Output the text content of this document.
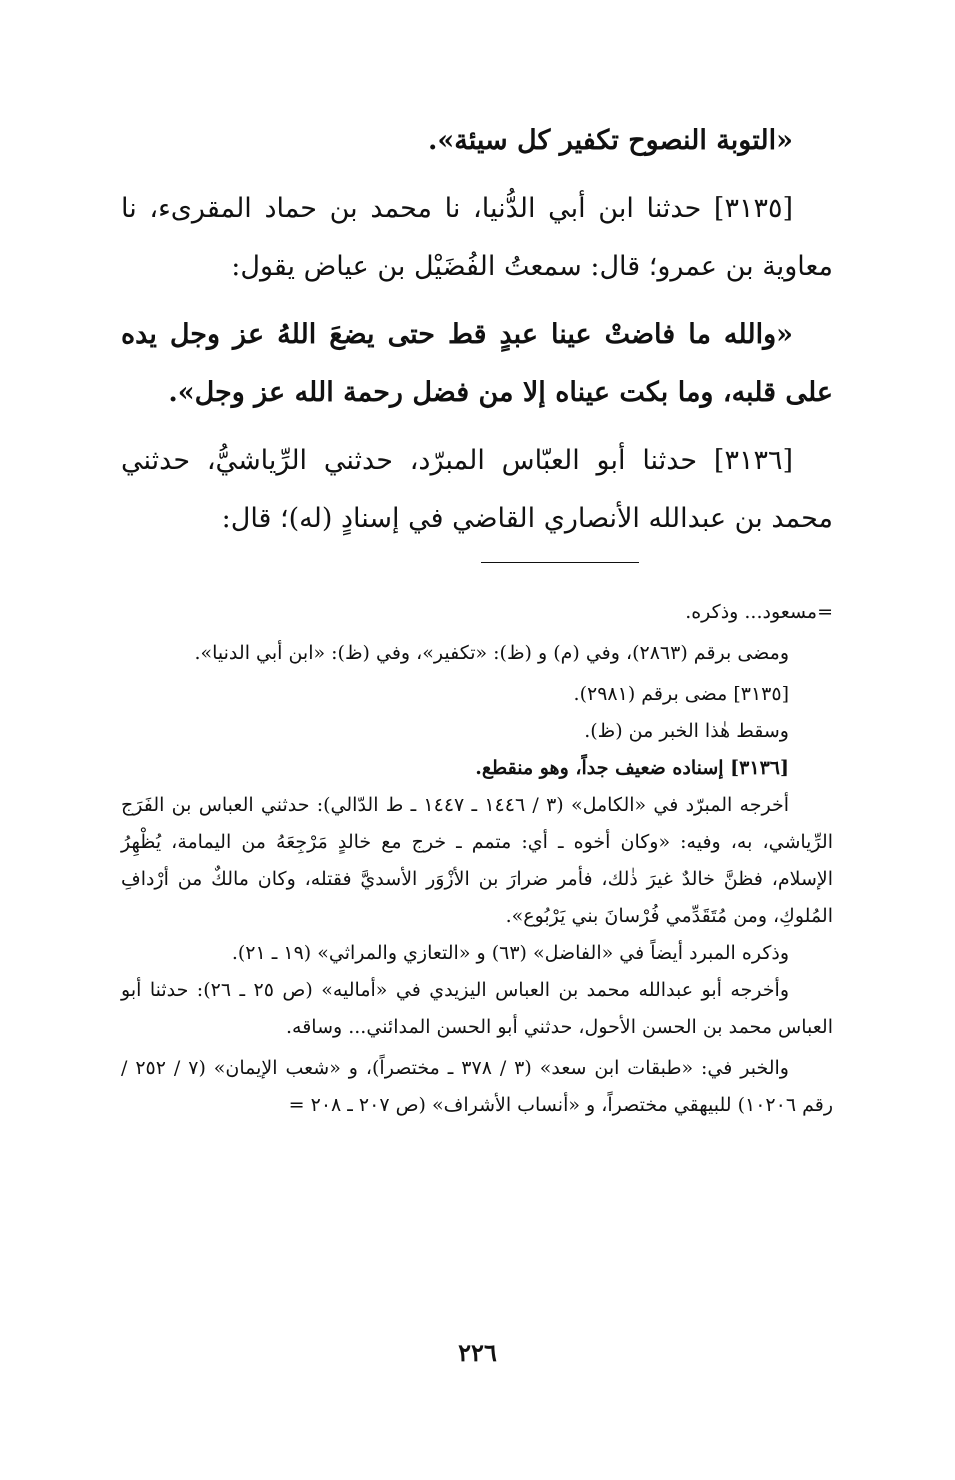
«التوبة النصوح تكفير كل سيئة».

[٣١٣٥] حدثنا ابن أبي الدُّنيا، نا محمد بن حماد المقرىء، نا معاوية بن عمرو؛ قال: سمعتُ الفُضَيْل بن عياض يقول:

«والله ما فاضتْ عينا عبدٍ قط حتى يضعَ اللهُ عز وجل يده على قلبه، وما بكت عيناه إلا من فضل رحمة الله عز وجل».

[٣١٣٦] حدثنا أبو العبّاس المبرّد، حدثني الرِّياشيُّ، حدثني محمد بن عبدالله الأنصاري القاضي في إسنادٍ (له)؛ قال:

=مسعود... وذكره.

ومضى برقم (٢٨٦٣)، وفي (م) و (ظ): «تكفير»، وفي (ظ): «ابن أبي الدنيا».

[٣١٣٥] مضى برقم (٢٩٨١).

وسقط هٰذا الخبر من (ظ).

[٣١٣٦] إسناده ضعيف جداً، وهو منقطع.

أخرجه المبرّد في «الكامل» (٣ / ١٤٤٦ ـ ١٤٤٧ ـ ط الدّالي): حدثني العباس بن الفَرَج الرِّياشي، به، وفيه: «وكان أخوه ـ أي: متمم ـ خرج مع خالدٍ مَرْجِعَهُ من اليمامة، يُظْهِرُ الإسلام، فظنَّ خالدٌ غيرَ ذٰلك، فأمر ضرارَ بن الأزْوَر الأسديَّ فقتله، وكان مالكٌ من أرْدافِ المُلوكِ، ومن مُتَقَدِّمي فُرْسانَ بني يَرْبُوع».

وذكره المبرد أيضاً في «الفاضل» (٦٣) و «التعازي والمراثي» (١٩ ـ ٢١).

وأخرجه أبو عبدالله محمد بن العباس اليزيدي في «أماليه» (ص ٢٥ ـ ٢٦): حدثنا أبو العباس محمد بن الحسن الأحول، حدثني أبو الحسن المدائني... وساقه.

والخبر في: «طبقات ابن سعد» (٣ / ٣٧٨ ـ مختصراً)، و «شعب الإيمان» (٧ / ٢٥٢ / رقم ١٠٢٠٦) للبيهقي مختصراً، و «أنساب الأشراف» (ص ٢٠٧ ـ ٢٠٨ =

٢٢٦
